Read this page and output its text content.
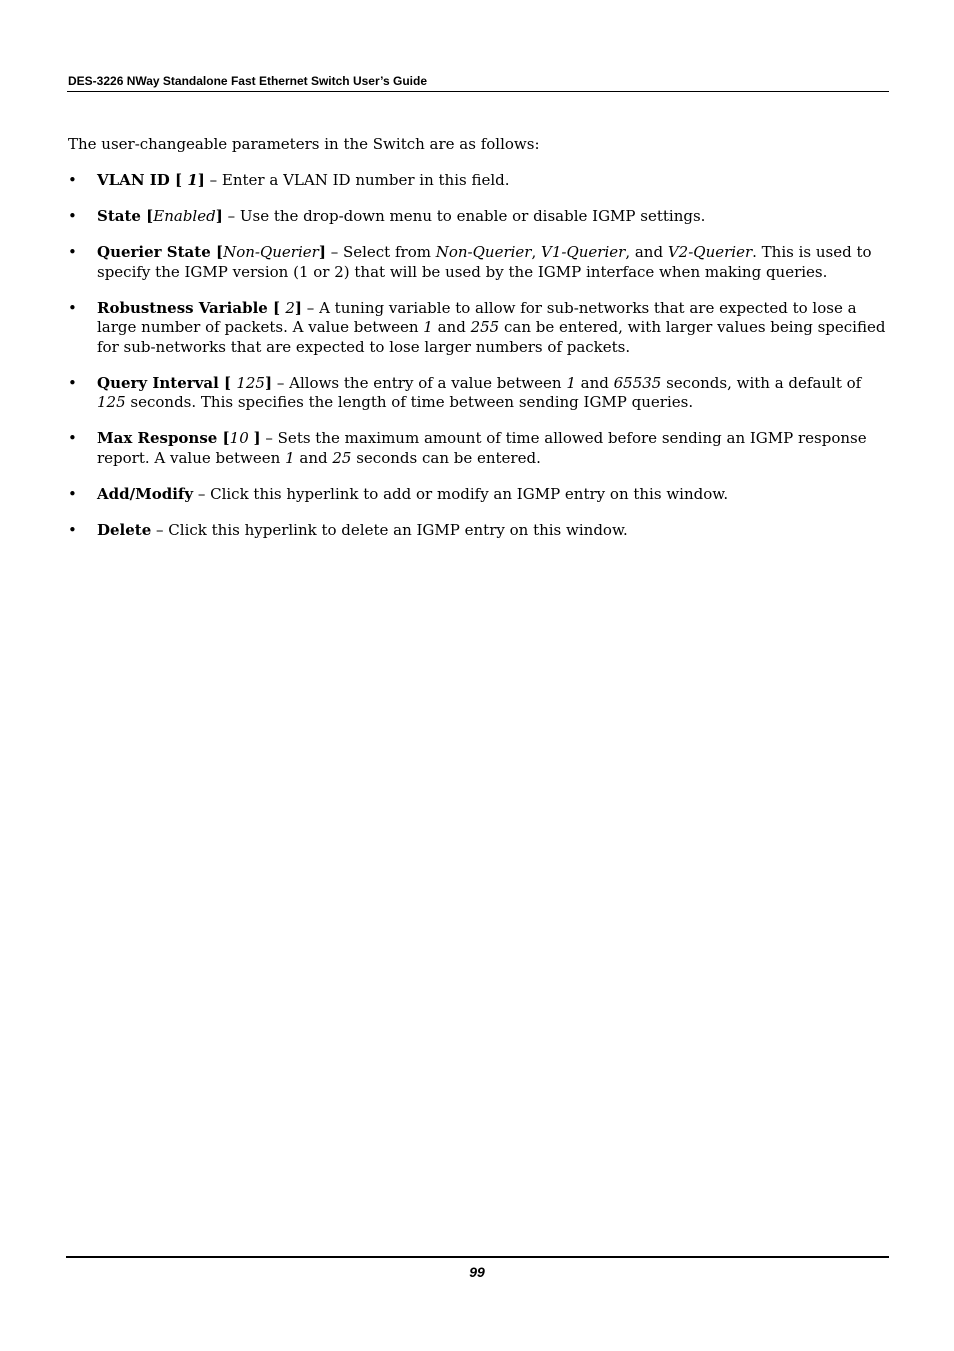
DES-3226 NWay Standalone Fast Ethernet Switch User’s Guide

The user-changeable parameters in the Switch are as follows:

• VLAN ID [ 1] – Enter a VLAN ID number in this field.
• State [Enabled] – Use the drop-down menu to enable or disable IGMP settings.
• Querier State [Non-Querier] – Select from Non-Querier, V1-Querier, and V2-Querier. This is used to specify the IGMP version (1 or 2) that will be used by the IGMP interface when making queries.
• Robustness Variable [ 2] – A tuning variable to allow for sub-networks that are expected to lose a large number of packets. A value between 1 and 255 can be entered, with larger values being specified for sub-networks that are expected to lose larger numbers of packets.
• Query Interval [ 125] – Allows the entry of a value between 1 and 65535 seconds, with a default of 125 seconds. This specifies the length of time between sending IGMP queries.
• Max Response [10 ] – Sets the maximum amount of time allowed before sending an IGMP response report. A value between 1 and 25 seconds can be entered.
• Add/Modify – Click this hyperlink to add or modify an IGMP entry on this window.
• Delete – Click this hyperlink to delete an IGMP entry on this window.
99
